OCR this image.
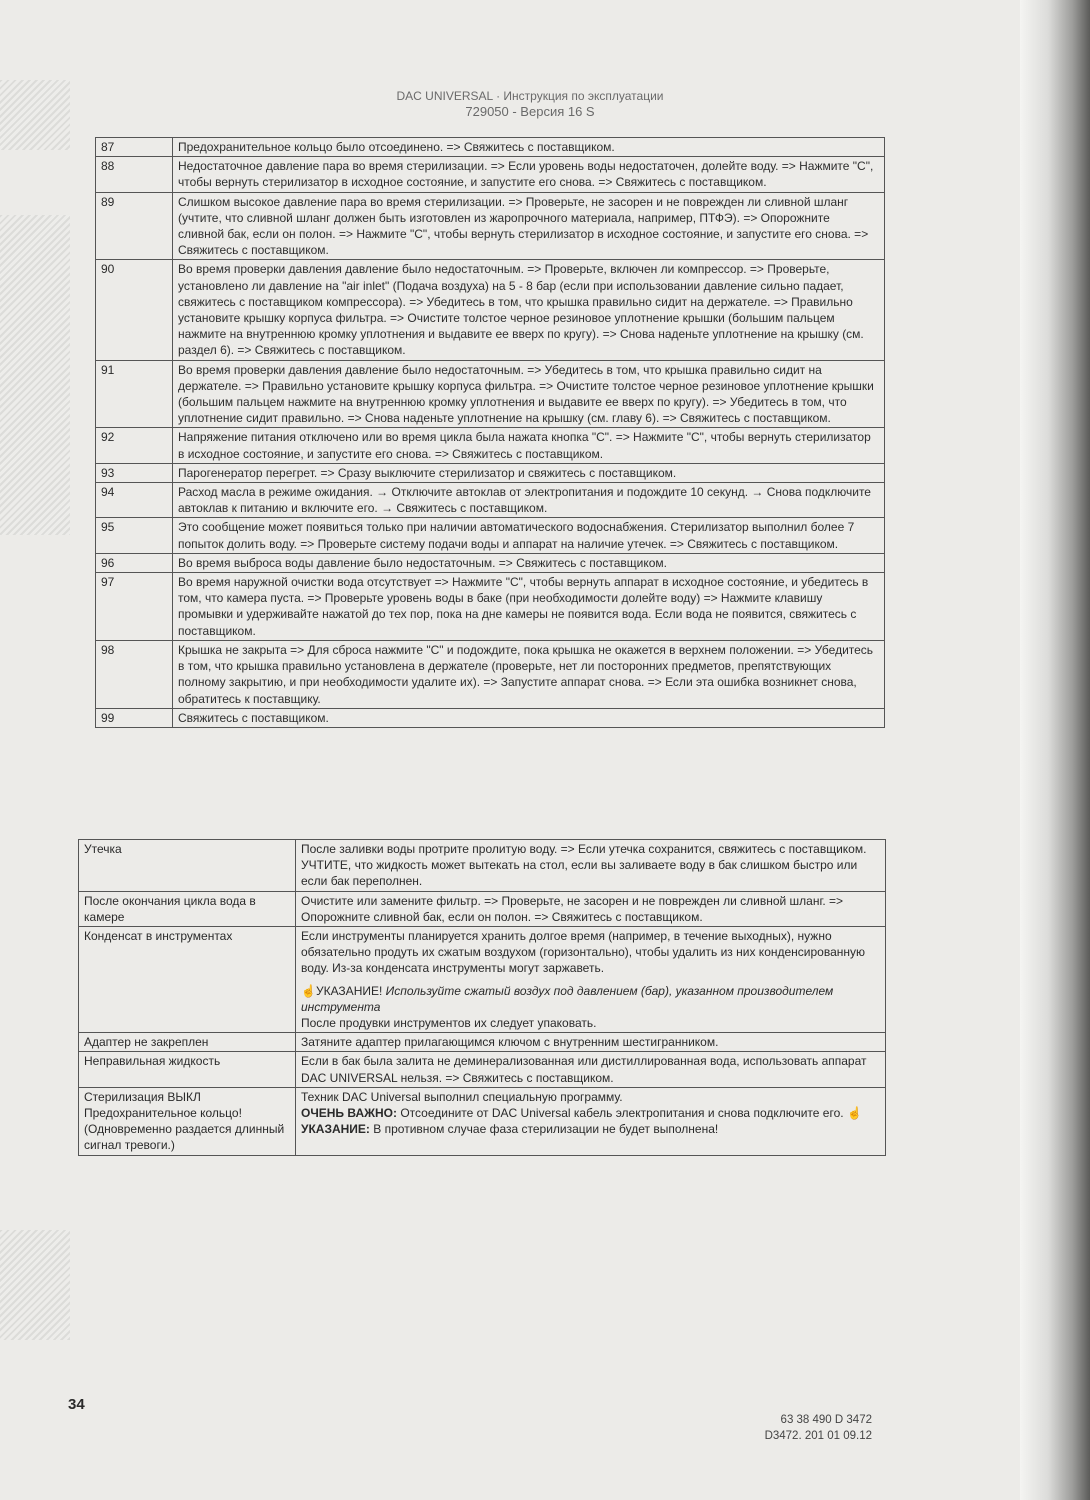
DAC UNIVERSAL · Инструкция по эксплуатации
729050 - Версия 16 S
87	Предохранительное кольцо было отсоединено. => Свяжитесь с поставщиком.
88	Недостаточное давление пара во время стерилизации. => Если уровень воды недостаточен, долейте воду. => Нажмите "C", чтобы вернуть стерилизатор в исходное состояние, и запустите его снова. => Свяжитесь с поставщиком.
89	Слишком высокое давление пара во время стерилизации. => Проверьте, не засорен и не поврежден ли сливной шланг (учтите, что сливной шланг должен быть изготовлен из жаропрочного материала, например, ПТФЭ). => Опорожните сливной бак, если он полон. => Нажмите "C", чтобы вернуть стерилизатор в исходное состояние, и запустите его снова. => Свяжитесь с поставщиком.
90	Во время проверки давления давление было недостаточным. => Проверьте, включен ли компрессор. => Проверьте, установлено ли давление на "air inlet" (Подача воздуха) на 5 - 8 бар (если при использовании давление сильно падает, свяжитесь с поставщиком компрессора). => Убедитесь в том, что крышка правильно сидит на держателе. => Правильно установите крышку корпуса фильтра. => Очистите толстое черное резиновое уплотнение крышки (большим пальцем нажмите на внутреннюю кромку уплотнения и выдавите ее вверх по кругу). => Снова наденьте уплотнение на крышку (см. раздел 6). => Свяжитесь с поставщиком.
91	Во время проверки давления давление было недостаточным. => Убедитесь в том, что крышка правильно сидит на держателе. => Правильно установите крышку корпуса фильтра. => Очистите толстое черное резиновое уплотнение крышки (большим пальцем нажмите на внутреннюю кромку уплотнения и выдавите ее вверх по кругу). => Убедитесь в том, что уплотнение сидит правильно. => Снова наденьте уплотнение на крышку (см. главу 6). => Свяжитесь с поставщиком.
92	Напряжение питания отключено или во время цикла была нажата кнопка "C". => Нажмите "C", чтобы вернуть стерилизатор в исходное состояние, и запустите его снова. => Свяжитесь с поставщиком.
93	Парогенератор перегрет. => Сразу выключите стерилизатор и свяжитесь с поставщиком.
94	Расход масла в режиме ожидания. → Отключите автоклав от электропитания и подождите 10 секунд. → Снова подключите автоклав к питанию и включите его. → Свяжитесь с поставщиком.
95	Это сообщение может появиться только при наличии автоматического водоснабжения. Стерилизатор выполнил более 7 попыток долить воду. => Проверьте систему подачи воды и аппарат на наличие утечек. => Свяжитесь с поставщиком.
96	Во время выброса воды давление было недостаточным. => Свяжитесь с поставщиком.
97	Во время наружной очистки вода отсутствует => Нажмите "C", чтобы вернуть аппарат в исходное состояние, и убедитесь в том, что камера пуста. => Проверьте уровень воды в баке (при необходимости долейте воду) => Нажмите клавишу промывки и удерживайте нажатой до тех пор, пока на дне камеры не появится вода. Если вода не появится, свяжитесь с поставщиком.
98	Крышка не закрыта => Для сброса нажмите "C" и подождите, пока крышка не окажется в верхнем положении. => Убедитесь в том, что крышка правильно установлена в держателе (проверьте, нет ли посторонних предметов, препятствующих полному закрытию, и при необходимости удалите их). => Запустите аппарат снова. => Если эта ошибка возникнет снова, обратитесь к поставщику.
99	Свяжитесь с поставщиком.
Утечка	После заливки воды протрите пролитую воду. => Если утечка сохранится, свяжитесь с поставщиком. УЧТИТЕ, что жидкость может вытекать на стол, если вы заливаете воду в бак слишком быстро или если бак переполнен.
После окончания цикла вода в камере	Очистите или замените фильтр. => Проверьте, не засорен и не поврежден ли сливной шланг. => Опорожните сливной бак, если он полон. => Свяжитесь с поставщиком.
Конденсат в инструментах	Если инструменты планируется хранить долгое время (например, в течение выходных), нужно обязательно продуть их сжатым воздухом (горизонтально), чтобы удалить из них конденсированную воду. Из-за конденсата инструменты могут заржаветь.
☝УКАЗАНИЕ! Используйте сжатый воздух под давлением (бар), указанном производителем инструмента
После продувки инструментов их следует упаковать.

Адаптер не закреплен	Затяните адаптер прилагающимся ключом с внутренним шестигранником.
Неправильная жидкость	Если в бак была залита не деминерализованная или дистиллированная вода, использовать аппарат DAC UNIVERSAL нельзя. => Свяжитесь с поставщиком.
Стерилизация ВЫКЛ Предохранительное кольцо! (Одновременно раздается длинный сигнал тревоги.)	Техник DAC Universal выполнил специальную программу.
ОЧЕНЬ ВАЖНО: Отсоедините от DAC Universal кабель электропитания и снова подключите его. ☝УКАЗАНИЕ: В противном случае фаза стерилизации не будет выполнена!
34
63 38 490 D 3472
D3472. 201 01 09.12
